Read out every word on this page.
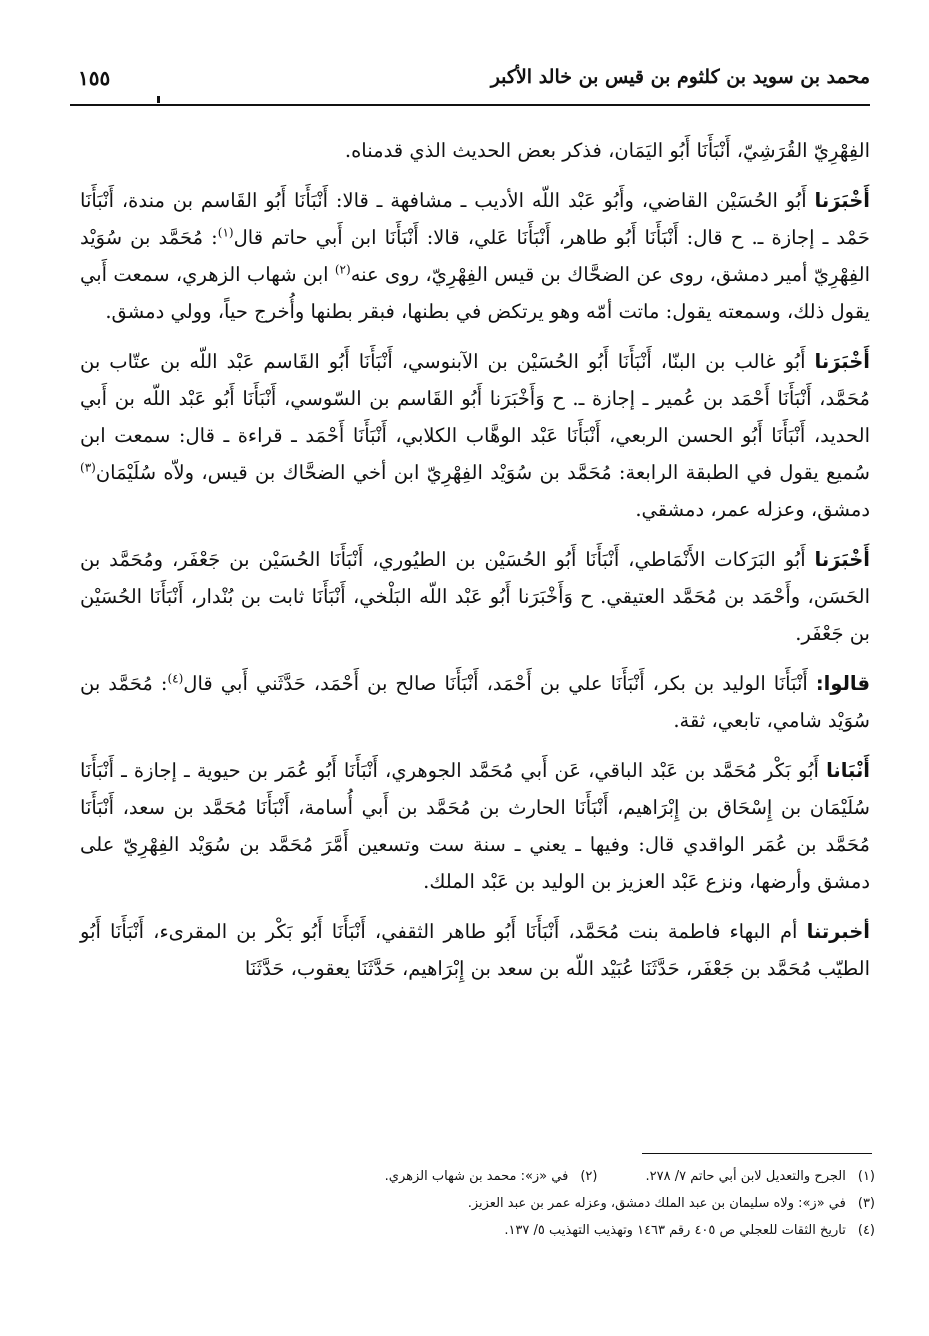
محمد بن سويد بن كلثوم بن قيس بن خالد الأكبر
١٥٥

الفِهْرِيّ القُرَشِيّ، أَنْبَأَنَا أَبُو اليَمَان، فذكر بعض الحديث الذي قدمناه.

أَخْبَرَنا أَبُو الحُسَيْن القاضي، وأَبُو عَبْد اللّه الأديب ـ مشافهة ـ قالا: أَنْبَأَنَا أَبُو القَاسم بن مندة، أَنْبَأَنَا حَمْد ـ إجازة ـ. ح قال: أَنْبَأَنَا أَبُو طاهر، أَنْبَأَنَا عَلي، قالا: أَنْبَأَنَا ابن أَبي حاتم قال$^{(١)}$: مُحَمَّد بن سُوَيْد الفِهْرِيّ أمير دمشق، روى عن الضحَّاك بن قيس الفِهْرِيّ، روى عنه$^{(٢)}$ ابن شهاب الزهري، سمعت أَبي يقول ذلك، وسمعته يقول: ماتت أمّه وهو يرتكض في بطنها، فبقر بطنها وأُخرج حياً، وولي دمشق.

أَخْبَرَنا أَبُو غالب بن البنّا، أَنْبَأَنَا أَبُو الحُسَيْن بن الآبنوسي، أَنْبَأَنَا أَبُو القَاسم عَبْد اللّه بن عتّاب بن مُحَمَّد، أَنْبَأَنَا أَحْمَد بن عُمير ـ إجازة ـ. ح وَأَخْبَرَنا أَبُو القَاسم بن السّوسي، أَنْبَأَنَا أَبُو عَبْد اللّه بن أَبي الحديد، أَنْبَأَنَا أَبُو الحسن الربعي، أَنْبَأَنَا عَبْد الوهَّاب الكلابي، أَنْبَأَنَا أَحْمَد ـ قراءة ـ قال: سمعت ابن سُميع يقول في الطبقة الرابعة: مُحَمَّد بن سُوَيْد الفِهْرِيّ ابن أخي الضحَّاك بن قيس، ولاّه سُلَيْمَان$^{(٣)}$ دمشق، وعزله عمر، دمشقي.

أَخْبَرَنا أَبُو البَرَكات الأَنْمَاطي، أَنْبَأَنَا أَبُو الحُسَيْن بن الطيُوري، أَنْبَأَنَا الحُسَيْن بن جَعْفَر، ومُحَمَّد بن الحَسَن، وأَحْمَد بن مُحَمَّد العتيقي. ح وَأَخْبَرَنا أَبُو عَبْد اللّه البَلْخي، أَنْبَأَنَا ثابت بن بُنْدار، أَنْبَأَنَا الحُسَيْن بن جَعْفَر.

قالوا: أَنْبَأَنَا الوليد بن بكر، أَنْبَأَنَا علي بن أَحْمَد، أَنْبَأَنَا صالح بن أَحْمَد، حَدَّثَني أَبي قال$^{(٤)}$: مُحَمَّد بن سُوَيْد شامي، تابعي، ثقة.

أَنْبَانا أَبُو بَكْر مُحَمَّد بن عَبْد الباقي، عَن أَبي مُحَمَّد الجوهري، أَنْبَأَنَا أَبُو عُمَر بن حيوية ـ إجازة ـ أَنْبَأَنَا سُلَيْمَان بن إِسْحَاق بن إِبْرَاهيم، أَنْبَأَنَا الحارث بن مُحَمَّد بن أَبي أُسامة، أَنْبَأَنَا مُحَمَّد بن سعد، أَنْبَأَنَا مُحَمَّد بن عُمَر الواقدي قال: وفيها ـ يعني ـ سنة ست وتسعين أَمَّرَ مُحَمَّد بن سُوَيْد الفِهْرِيّ على دمشق وأرضها، ونزع عَبْد العزيز بن الوليد بن عَبْد الملك.

أخبرتنا أم البهاء فاطمة بنت مُحَمَّد، أَنْبَأَنَا أَبُو طاهر الثقفي، أَنْبَأَنَا أَبُو بَكْر بن المقرىء، أَنْبَأَنَا أَبُو الطيّب مُحَمَّد بن جَعْفَر، حَدَّثَنَا عُبَيْد اللّه بن سعد بن إِبْرَاهيم، حَدَّثَنَا يعقوب، حَدَّثَنَا

(١)الجرح والتعديل لابن أبي حاتم ٧/ ٢٧٨.(٢)في «ز»: محمد بن شهاب الزهري.
(٣)في «ز»: ولاه سليمان بن عبد الملك دمشق، وعزله عمر بن عبد العزيز.
(٤)تاريخ الثقات للعجلي ص ٤٠٥ رقم ١٤٦٣ وتهذيب التهذيب ٥/ ١٣٧.
